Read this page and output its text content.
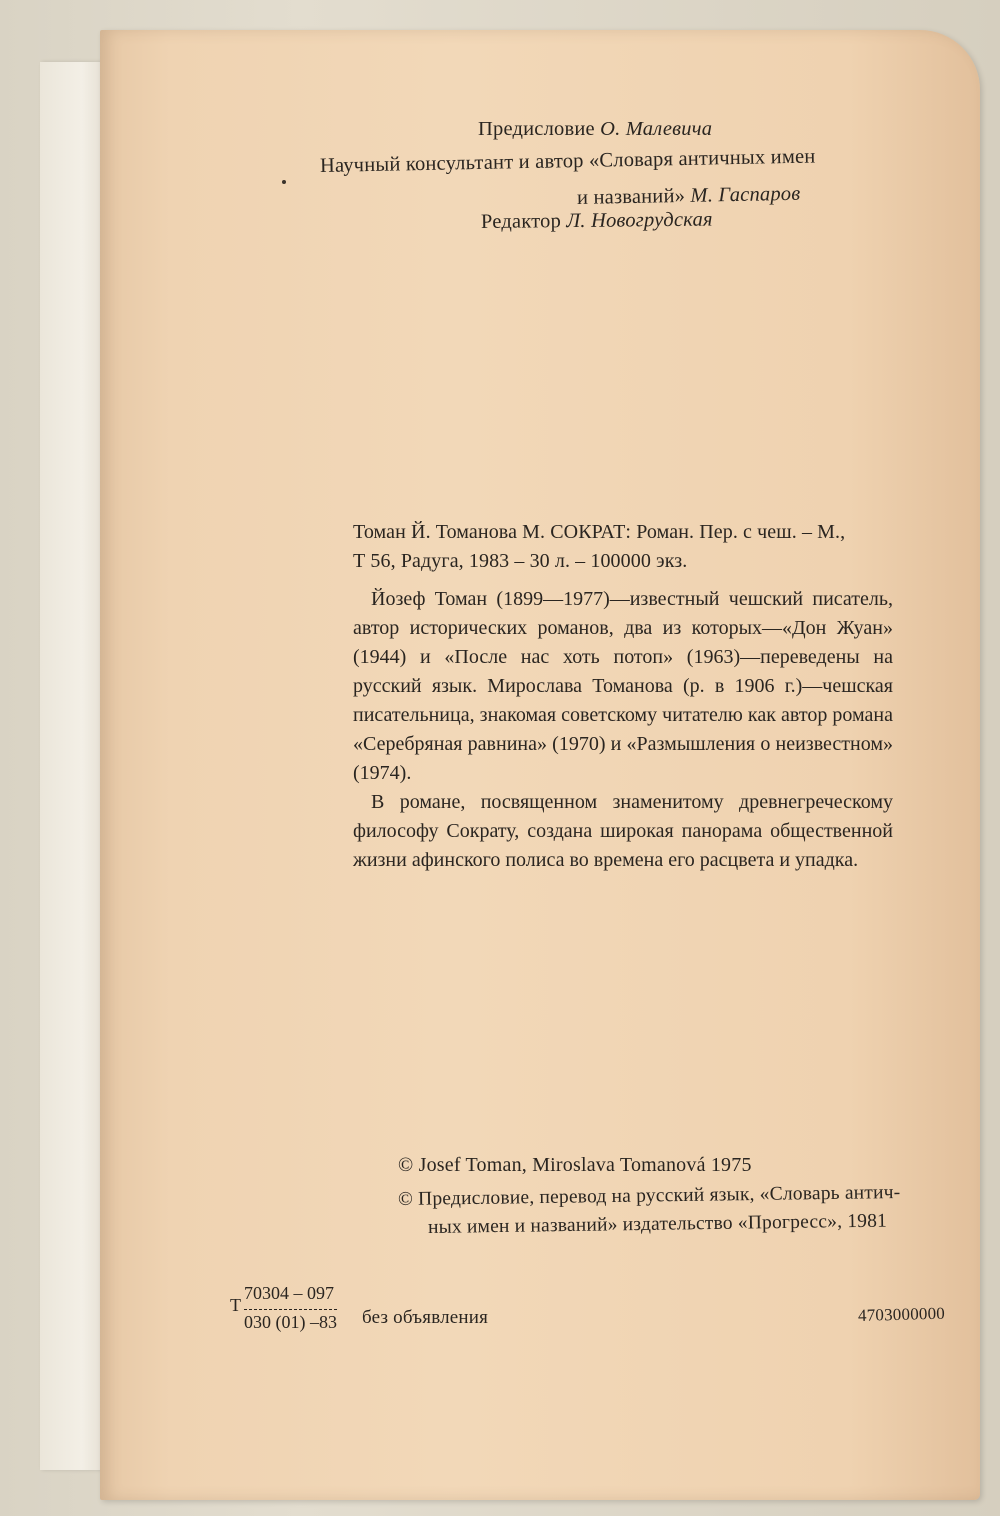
Предисловие О. Малевича
Научный консультант и автор «Словаря античных имен
и названий» М. Гаспаров
Редактор Л. Новогрудская

Томан Й. Томанова М. СОКРАТ: Роман. Пер. с чеш. – М.,

Т 56, Радуга, 1983 – 30 л. – 100000 экз.

Йозеф Томан (1899—1977)—известный чешский писатель, автор исторических романов, два из которых—«Дон Жуан» (1944) и «После нас хоть потоп» (1963)—переведены на русский язык. Мирослава Томанова (р. в 1906 г.)—чешская писательница, знакомая советскому читателю как автор романа «Серебряная равнина» (1970) и «Размышления о неизвестном» (1974).

В романе, посвященном знаменитому древнегреческому философу Сократу, создана широкая панорама общественной жизни афинского полиса во времена его расцвета и упадка.

© Josef Toman, Miroslava Tomanová 1975
© Предисловие, перевод на русский язык, «Словарь антич-
ных имен и названий» издательство «Прогресс», 1981
Т
70304 – 097
030 (01) –83 без объявления	4703000000
